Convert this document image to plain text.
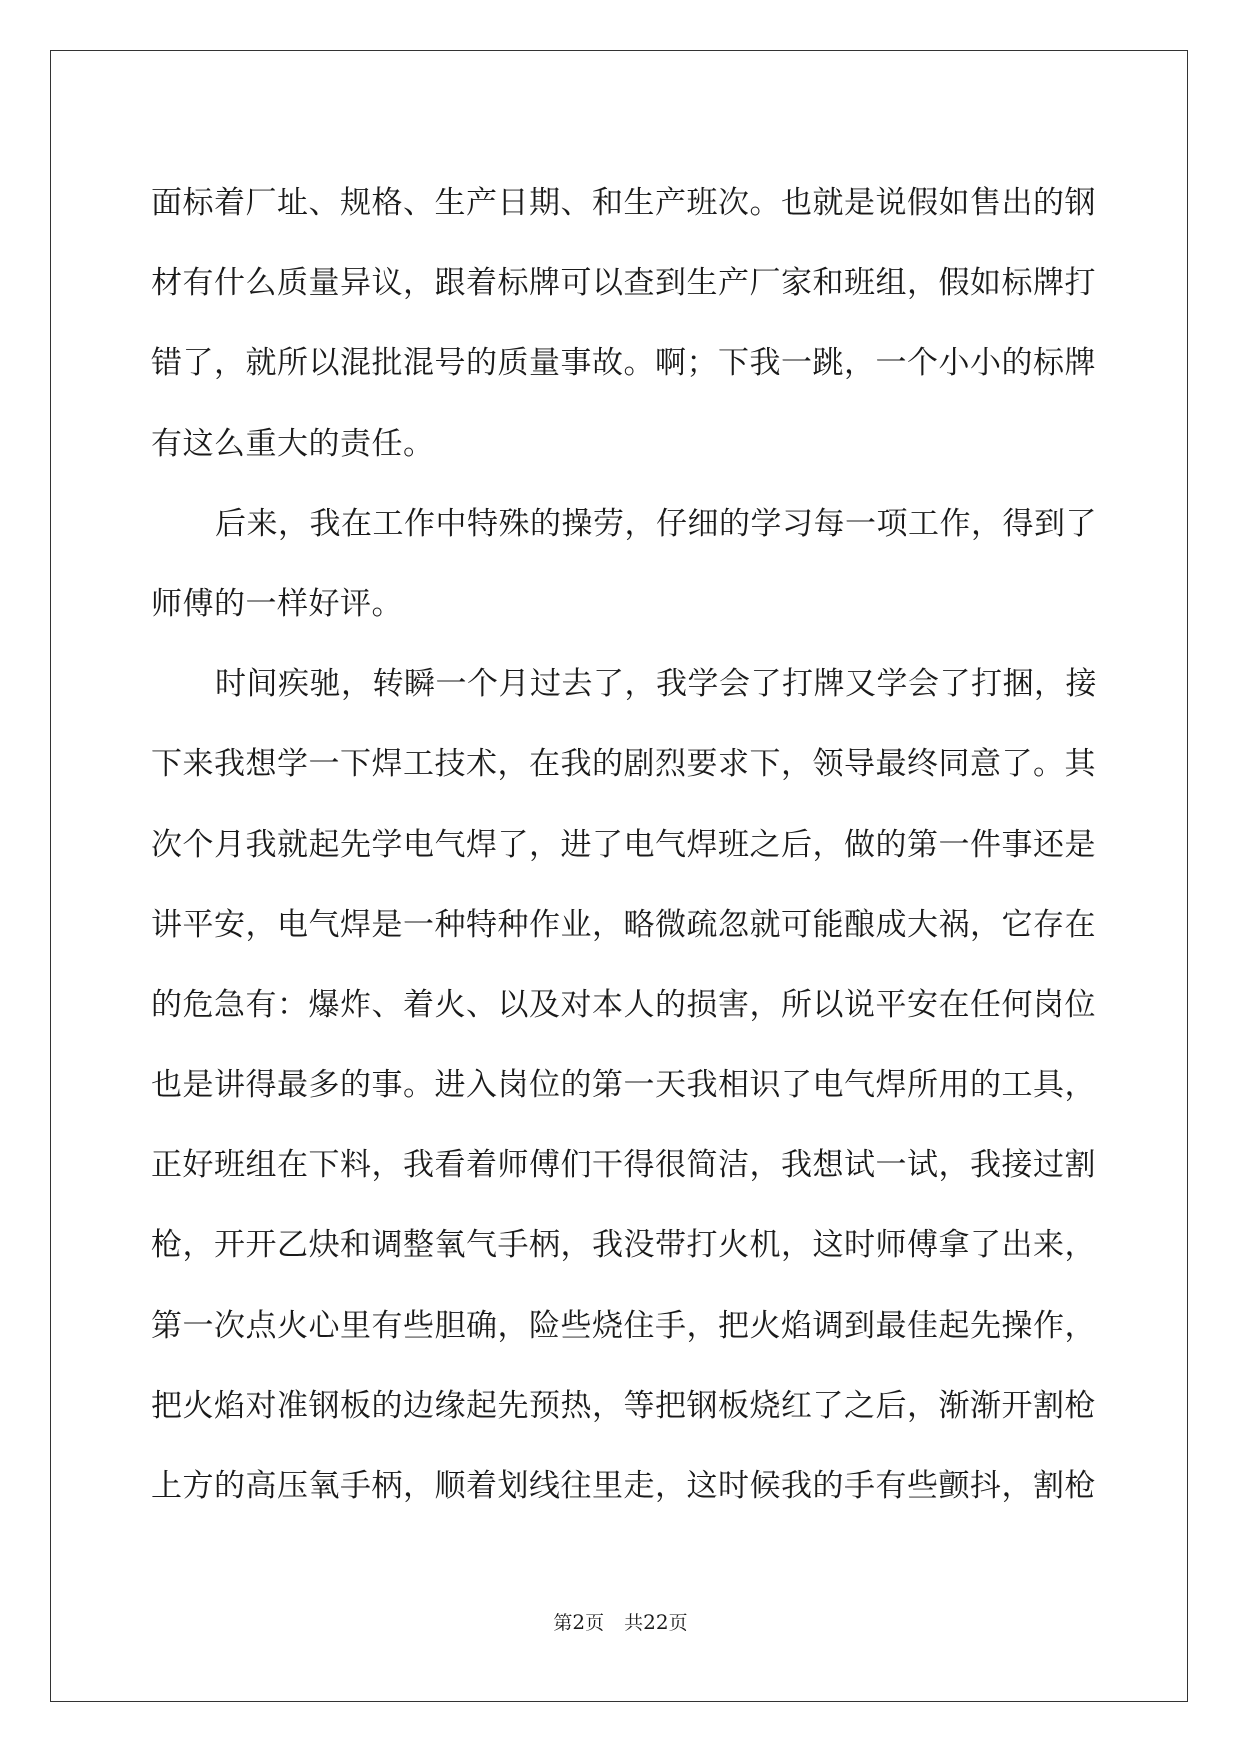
面标着厂址、规格、生产日期、和生产班次。也就是说假如售出的钢
材有什么质量异议，跟着标牌可以查到生产厂家和班组，假如标牌打
错了，就所以混批混号的质量事故。啊；下我一跳，一个小小的标牌
有这么重大的责任。
后来，我在工作中特殊的操劳，仔细的学习每一项工作，得到了
师傅的一样好评。
时间疾驰，转瞬一个月过去了，我学会了打牌又学会了打捆，接
下来我想学一下焊工技术，在我的剧烈要求下，领导最终同意了。其
次个月我就起先学电气焊了，进了电气焊班之后，做的第一件事还是
讲平安，电气焊是一种特种作业，略微疏忽就可能酿成大祸，它存在
的危急有：爆炸、着火、以及对本人的损害，所以说平安在任何岗位
也是讲得最多的事。进入岗位的第一天我相识了电气焊所用的工具，
正好班组在下料，我看着师傅们干得很简洁，我想试一试，我接过割
枪，开开乙炔和调整氧气手柄，我没带打火机，这时师傅拿了出来，
第一次点火心里有些胆确，险些烧住手，把火焰调到最佳起先操作，
把火焰对准钢板的边缘起先预热，等把钢板烧红了之后，渐渐开割枪
上方的高压氧手柄，顺着划线往里走，这时候我的手有些颤抖，割枪
第2页 共22页
